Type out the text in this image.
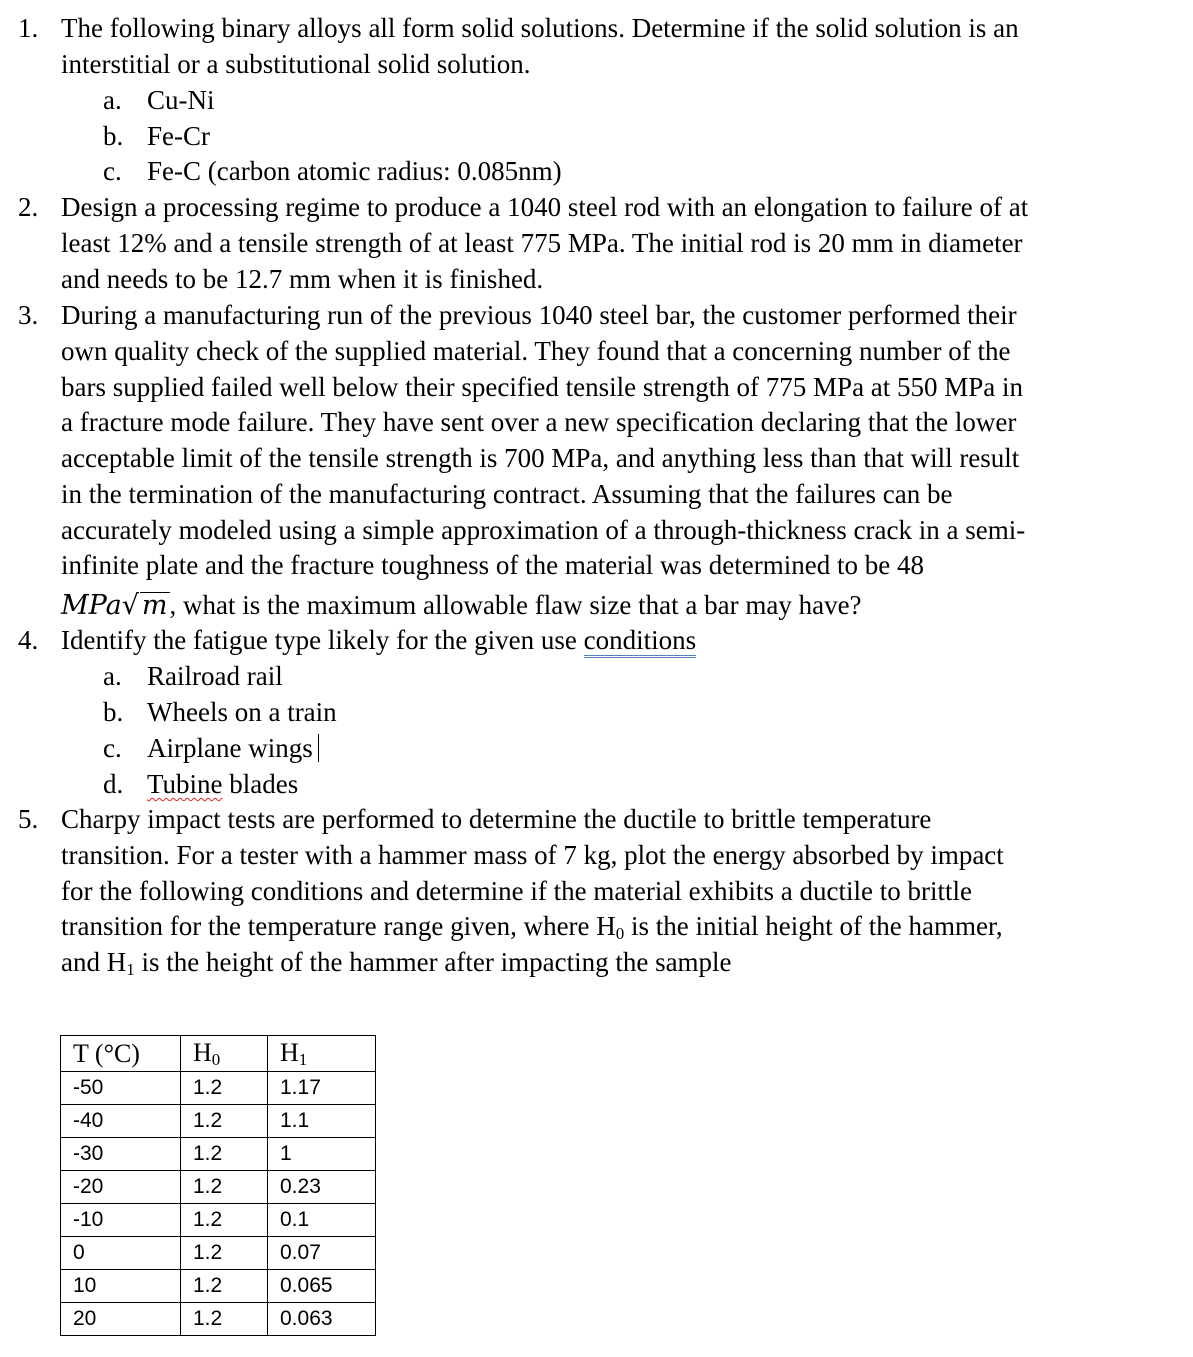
1. The following binary alloys all form solid solutions. Determine if the solid solution is an
interstitial or a substitutional solid solution.
a. Cu-Ni
b. Fe-Cr
c. Fe-C (carbon atomic radius: 0.085nm)
2. Design a processing regime to produce a 1040 steel rod with an elongation to failure of at
least 12% and a tensile strength of at least 775 MPa. The initial rod is 20 mm in diameter
and needs to be 12.7 mm when it is finished.
3. During a manufacturing run of the previous 1040 steel bar, the customer performed their
own quality check of the supplied material. They found that a concerning number of the
bars supplied failed well below their specified tensile strength of 775 MPa at 550 MPa in
a fracture mode failure. They have sent over a new specification declaring that the lower
acceptable limit of the tensile strength is 700 MPa, and anything less than that will result
in the termination of the manufacturing contract. Assuming that the failures can be
accurately modeled using a simple approximation of a through-thickness crack in a semi-
infinite plate and the fracture toughness of the material was determined to be 48
MPa√ m, what is the maximum allowable flaw size that a bar may have?
4. Identify the fatigue type likely for the given use conditions
a. Railroad rail
b. Wheels on a train
c. Airplane wings
d. Tubine blades
5. Charpy impact tests are performed to determine the ductile to brittle temperature
transition. For a tester with a hammer mass of 7 kg, plot the energy absorbed by impact
for the following conditions and determine if the material exhibits a ductile to brittle
transition for the temperature range given, where H0 is the initial height of the hammer,
and H1 is the height of the hammer after impacting the sample
T (°C)	H0	H1
-50	1.2	1.17
-40	1.2	1.1
-30	1.2	1
-20	1.2	0.23
-10	1.2	0.1
0	1.2	0.07
10	1.2	0.065
20	1.2	0.063
